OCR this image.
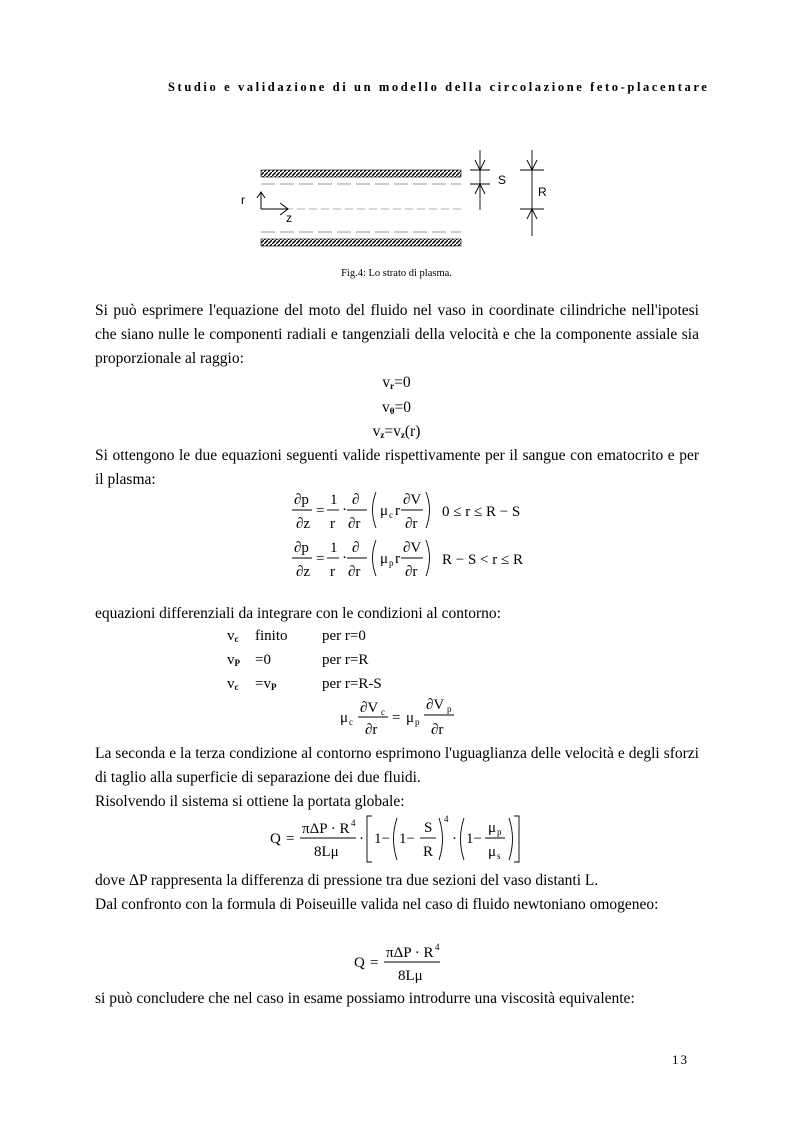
Studio e validazione di un modello della circolazione feto-placentare
r
z
S
R
Fig.4: Lo strato di plasma.
Si può esprimere l'equazione del moto del fluido nel vaso in coordinate cilindriche nell'ipotesi che siano nulle le componenti radiali e tangenziali della velocità e che la componente assiale sia proporzionale al raggio:
$v_r=0$
$v_\theta=0$
$v_z=v_z(r)$
Si ottengono le due equazioni seguenti valide rispettivamente per il sangue con ematocrito e per il plasma:
∂p
∂z
=
1
r
·
∂
∂r
μ c r
∂V
∂r
0 ≤ r ≤ R − S
∂p
∂z
=
1
r
·
∂
∂r
μ p r
∂V
∂r
R − S < r ≤ R
equazioni differenziali da integrare con le condizioni al contorno:
$v_c$ finito per r=0
$v_P =0$	per r=R
$v_c =v_P$	per r=R-S
μ c
∂V c
∂r
= μ p
∂V p
∂r
La seconda e la terza condizione al contorno esprimono l'uguaglianza delle velocità e degli sforzi di taglio alla superficie di separazione dei due fluidi.
Risolvendo il sistema si ottiene la portata globale:
Q =
πΔP · R 4
8Lμ
· 1− 1−
S
R
4
· 1−
μ p
μ s
dove ΔP rappresenta la differenza di pressione tra due sezioni del vaso distanti L.
Dal confronto con la formula di Poiseuille valida nel caso di fluido newtoniano omogeneo:
Q =
πΔP · R 4
8Lμ
si può concludere che nel caso in esame possiamo introdurre una viscosità equivalente:
13
